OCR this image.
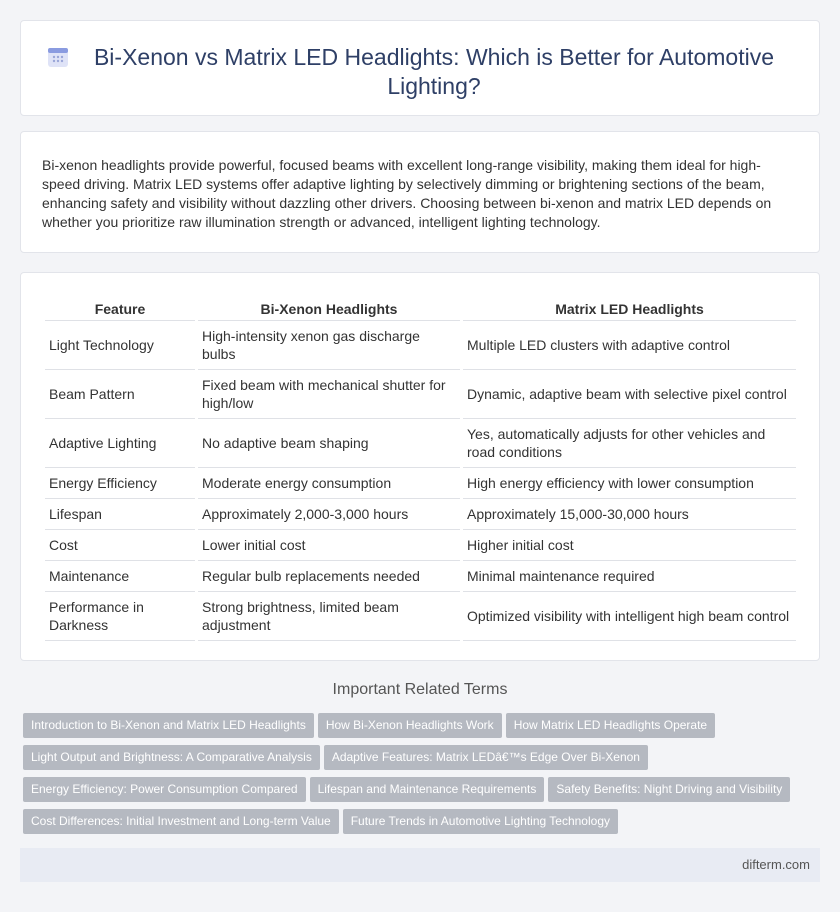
Bi-Xenon vs Matrix LED Headlights: Which is Better for Automotive Lighting?

Bi-xenon headlights provide powerful, focused beams with excellent long-range visibility, making them ideal for high-speed driving. Matrix LED systems offer adaptive lighting by selectively dimming or brightening sections of the beam, enhancing safety and visibility without dazzling other drivers. Choosing between bi-xenon and matrix LED depends on whether you prioritize raw illumination strength or advanced, intelligent lighting technology.

Feature	Bi-Xenon Headlights	Matrix LED Headlights
Light Technology	High-intensity xenon gas discharge bulbs	Multiple LED clusters with adaptive control
Beam Pattern	Fixed beam with mechanical shutter for high/low	Dynamic, adaptive beam with selective pixel control
Adaptive Lighting	No adaptive beam shaping	Yes, automatically adjusts for other vehicles and road conditions
Energy Efficiency	Moderate energy consumption	High energy efficiency with lower consumption
Lifespan	Approximately 2,000-3,000 hours	Approximately 15,000-30,000 hours
Cost	Lower initial cost	Higher initial cost
Maintenance	Regular bulb replacements needed	Minimal maintenance required
Performance in Darkness	Strong brightness, limited beam adjustment	Optimized visibility with intelligent high beam control
Important Related Terms
Introduction to Bi-Xenon and Matrix LED Headlights How Bi-Xenon Headlights Work How Matrix LED Headlights OperateLight Output and Brightness: A Comparative Analysis Adaptive Features: Matrix LEDâ€™s Edge Over Bi-XenonEnergy Efficiency: Power Consumption Compared Lifespan and Maintenance Requirements Safety Benefits: Night Driving and VisibilityCost Differences: Initial Investment and Long-term Value Future Trends in Automotive Lighting Technology
difterm.com
